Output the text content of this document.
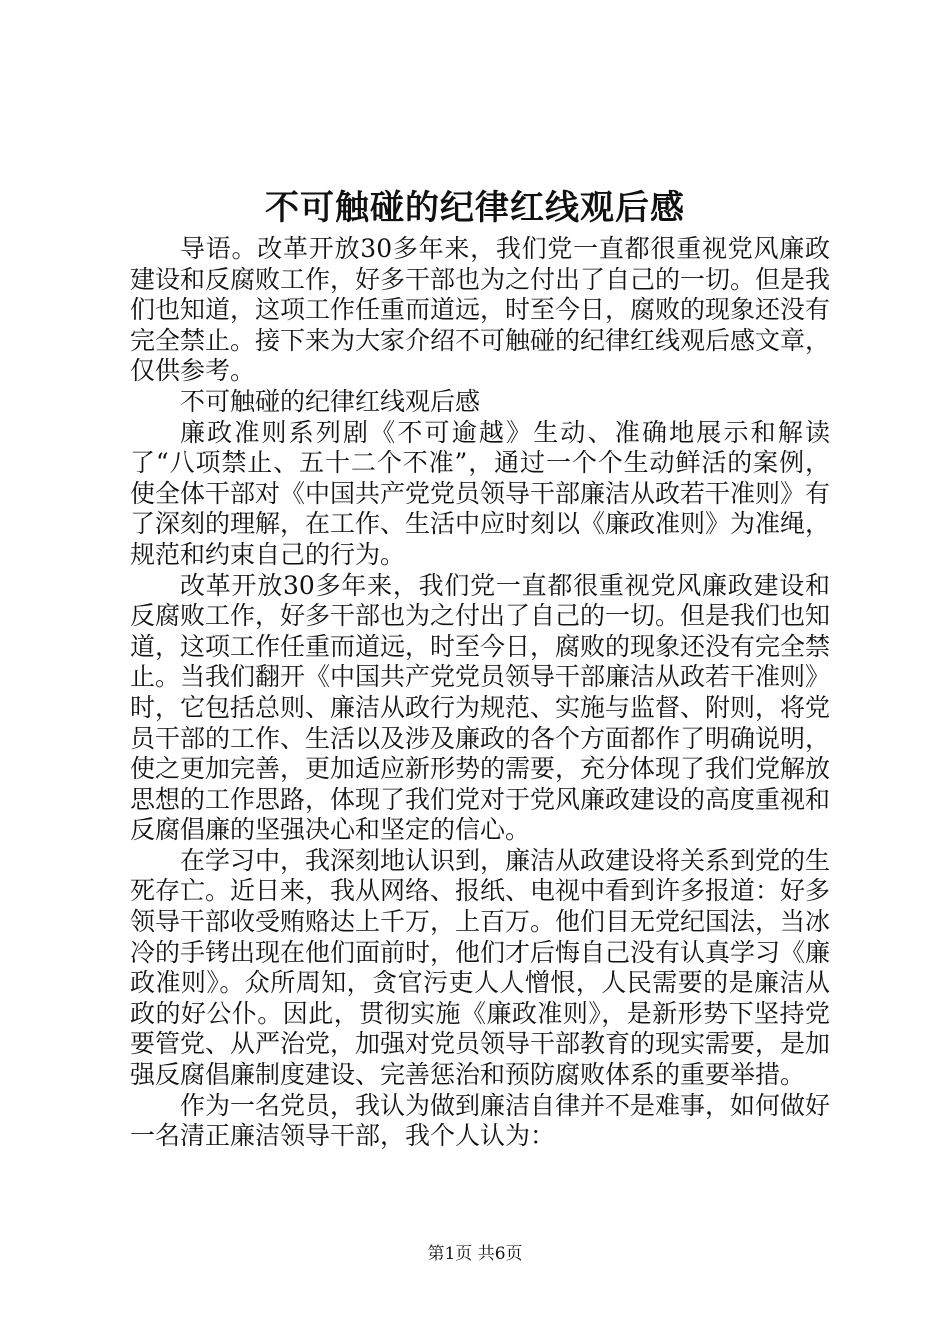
不可触碰的纪律红线观后感

导语。改革开放30多年来，我们党一直都很重视党风廉政建设和反腐败工作，好多干部也为之付出了自己的一切。但是我们也知道，这项工作任重而道远，时至今日，腐败的现象还没有完全禁止。接下来为大家介绍不可触碰的纪律红线观后感文章，仅供参考。

不可触碰的纪律红线观后感

廉政准则系列剧《不可逾越》生动、准确地展示和解读了“八项禁止、五十二个不准”，通过一个个生动鲜活的案例，使全体干部对《中国共产党党员领导干部廉洁从政若干准则》有了深刻的理解，在工作、生活中应时刻以《廉政准则》为准绳，规范和约束自己的行为。

改革开放30多年来，我们党一直都很重视党风廉政建设和反腐败工作，好多干部也为之付出了自己的一切。但是我们也知道，这项工作任重而道远，时至今日，腐败的现象还没有完全禁止。当我们翻开《中国共产党党员领导干部廉洁从政若干准则》时，它包括总则、廉洁从政行为规范、实施与监督、附则，将党员干部的工作、生活以及涉及廉政的各个方面都作了明确说明，使之更加完善，更加适应新形势的需要，充分体现了我们党解放思想的工作思路，体现了我们党对于党风廉政建设的高度重视和反腐倡廉的坚强决心和坚定的信心。

在学习中，我深刻地认识到，廉洁从政建设将关系到党的生死存亡。近日来，我从网络、报纸、电视中看到许多报道：好多领导干部收受贿赂达上千万，上百万。他们目无党纪国法，当冰冷的手铐出现在他们面前时，他们才后悔自己没有认真学习《廉政准则》。众所周知，贪官污吏人人憎恨，人民需要的是廉洁从政的好公仆。因此，贯彻实施《廉政准则》，是新形势下坚持党要管党、从严治党，加强对党员领导干部教育的现实需要，是加强反腐倡廉制度建设、完善惩治和预防腐败体系的重要举措。

作为一名党员，我认为做到廉洁自律并不是难事，如何做好一名清正廉洁领导干部，我个人认为：

第1页 共6页
